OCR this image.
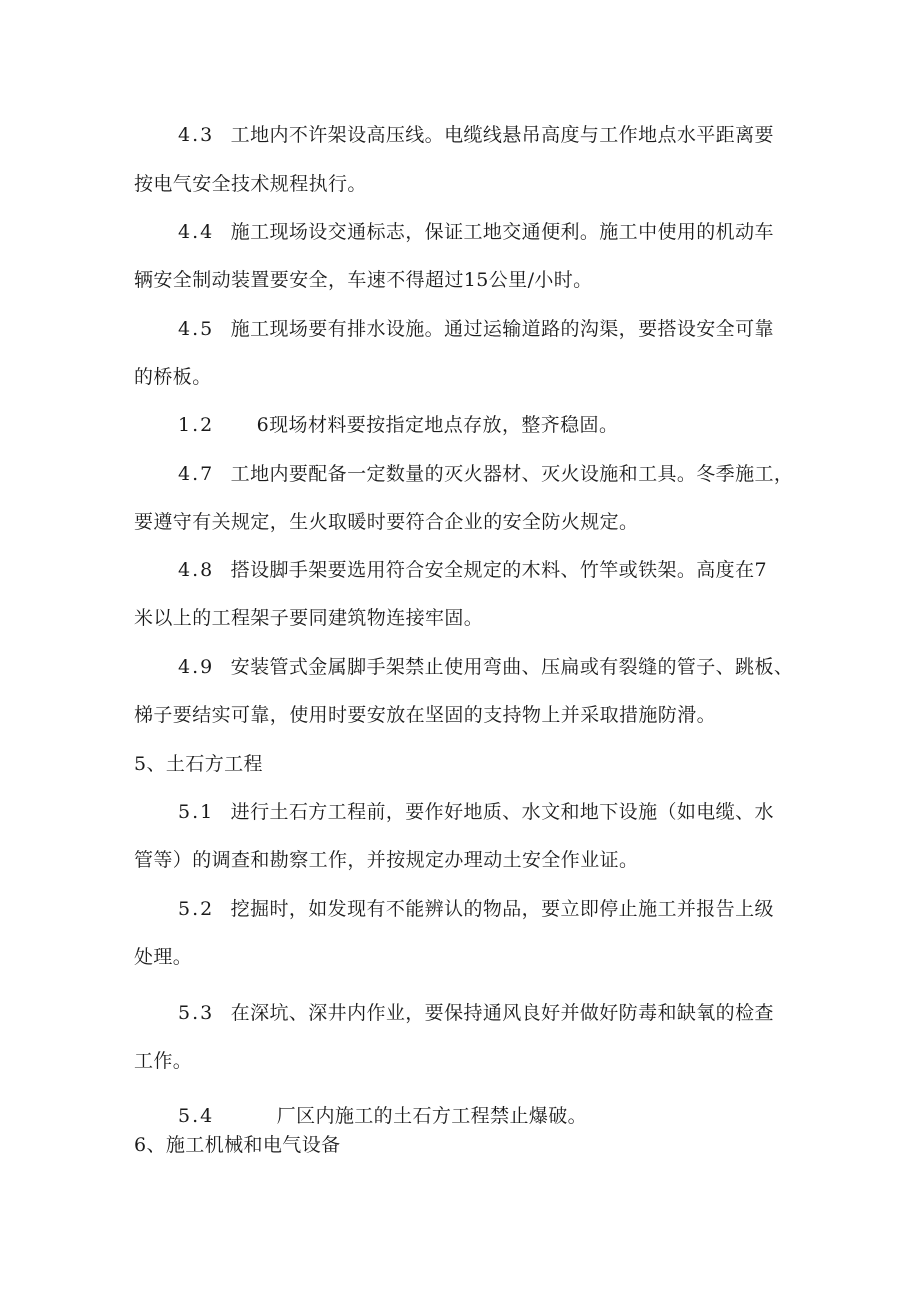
4.3 工地内不许架设高压线。电缆线悬吊高度与工作地点水平距离要
按电气安全技术规程执行。
4.4 施工现场设交通标志，保证工地交通便利。施工中使用的机动车
辆安全制动装置要安全，车速不得超过15公里/小时。
4.5 施工现场要有排水设施。通过运输道路的沟渠，要搭设安全可靠
的桥板。
1.2 6现场材料要按指定地点存放，整齐稳固。
4.7 工地内要配备一定数量的灭火器材、灭火设施和工具。冬季施工，
要遵守有关规定，生火取暖时要符合企业的安全防火规定。
4.8 搭设脚手架要选用符合安全规定的木料、竹竿或铁架。高度在7
米以上的工程架子要同建筑物连接牢固。
4.9 安装管式金属脚手架禁止使用弯曲、压扁或有裂缝的管子、跳板、
梯子要结实可靠，使用时要安放在坚固的支持物上并采取措施防滑。
5、土石方工程
5.1 进行土石方工程前，要作好地质、水文和地下设施（如电缆、水
管等）的调查和勘察工作，并按规定办理动土安全作业证。
5.2 挖掘时，如发现有不能辨认的物品，要立即停止施工并报告上级
处理。
5.3 在深坑、深井内作业，要保持通风良好并做好防毒和缺氧的检查
工作。
5.4	厂区内施工的土石方工程禁止爆破。
6、施工机械和电气设备
